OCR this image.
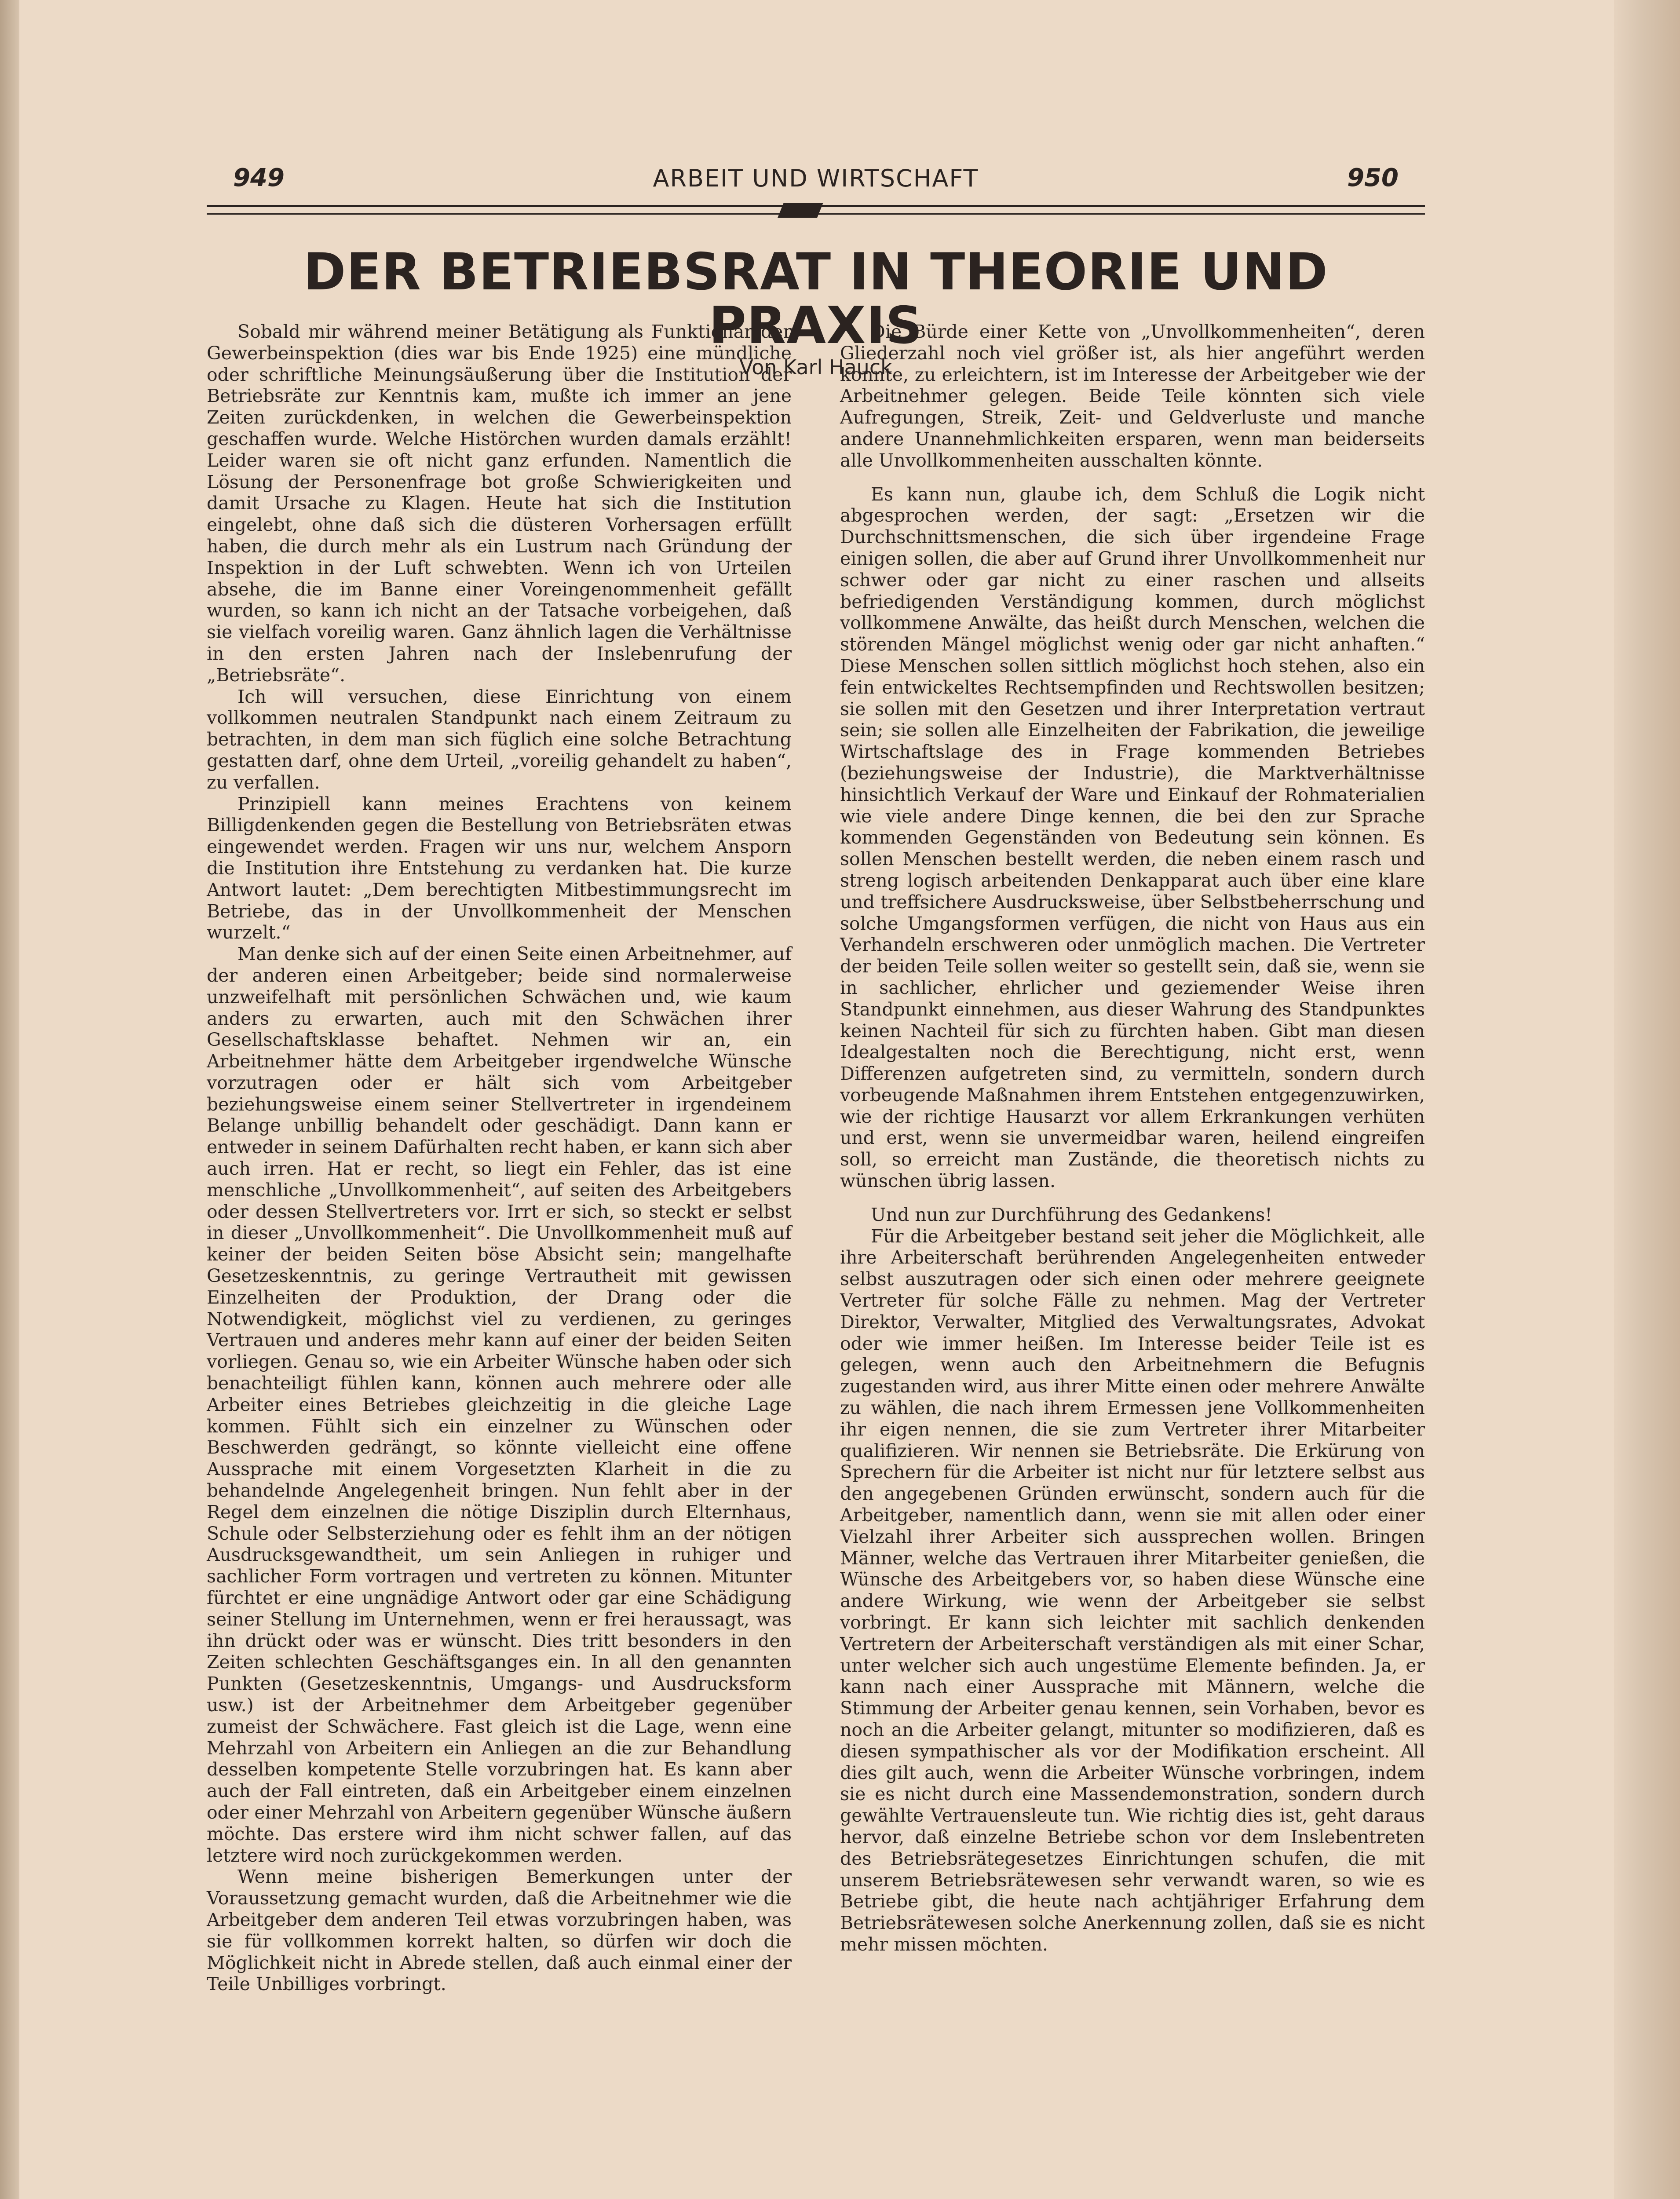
949	ARBEIT UND WIRTSCHAFT	950
DER BETRIEBSRAT IN THEORIE UND PRAXIS
Von Karl Hauck

Sobald mir während meiner Betätigung als Funktionär der Gewerbeinspektion (dies war bis Ende 1925) eine mündliche oder schriftliche Meinungsäußerung über die Institution der Betriebsräte zur Kenntnis kam, mußte ich immer an jene Zeiten zurückdenken, in welchen die Gewerbeinspektion geschaffen wurde. Welche Histörchen wurden damals erzählt! Leider waren sie oft nicht ganz erfunden. Namentlich die Lösung der Personenfrage bot große Schwierigkeiten und damit Ursache zu Klagen. Heute hat sich die Institution eingelebt, ohne daß sich die düsteren Vorhersagen erfüllt haben, die durch mehr als ein Lustrum nach Gründung der Inspektion in der Luft schwebten. Wenn ich von Urteilen absehe, die im Banne einer Voreingenommenheit gefällt wurden, so kann ich nicht an der Tatsache vorbeigehen, daß sie vielfach voreilig waren. Ganz ähnlich lagen die Verhältnisse in den ersten Jahren nach der Inslebenrufung der „Betriebsräte“.

Ich will versuchen, diese Einrichtung von einem vollkommen neutralen Standpunkt nach einem Zeitraum zu betrachten, in dem man sich füglich eine solche Betrachtung gestatten darf, ohne dem Urteil, „voreilig gehandelt zu haben“, zu verfallen.

Prinzipiell kann meines Erachtens von keinem Billigdenkenden gegen die Bestellung von Betriebsräten etwas eingewendet werden. Fragen wir uns nur, welchem Ansporn die Institution ihre Entstehung zu verdanken hat. Die kurze Antwort lautet: „Dem berechtigten Mitbestimmungsrecht im Betriebe, das in der Unvollkommenheit der Menschen wurzelt.“

Man denke sich auf der einen Seite einen Arbeitnehmer, auf der anderen einen Arbeitgeber; beide sind normalerweise unzweifelhaft mit persönlichen Schwächen und, wie kaum anders zu erwarten, auch mit den Schwächen ihrer Gesellschaftsklasse behaftet. Nehmen wir an, ein Arbeitnehmer hätte dem Arbeitgeber irgendwelche Wünsche vorzutragen oder er hält sich vom Arbeitgeber beziehungsweise einem seiner Stellvertreter in irgendeinem Belange unbillig behandelt oder geschädigt. Dann kann er entweder in seinem Dafürhalten recht haben, er kann sich aber auch irren. Hat er recht, so liegt ein Fehler, das ist eine menschliche „Unvollkommenheit“, auf seiten des Arbeitgebers oder dessen Stellvertreters vor. Irrt er sich, so steckt er selbst in dieser „Unvollkommenheit“. Die Unvollkommenheit muß auf keiner der beiden Seiten böse Absicht sein; mangelhafte Gesetzeskenntnis, zu geringe Vertrautheit mit gewissen Einzelheiten der Produktion, der Drang oder die Notwendigkeit, möglichst viel zu verdienen, zu geringes Vertrauen und anderes mehr kann auf einer der beiden Seiten vorliegen. Genau so, wie ein Arbeiter Wünsche haben oder sich benachteiligt fühlen kann, können auch mehrere oder alle Arbeiter eines Betriebes gleichzeitig in die gleiche Lage kommen. Fühlt sich ein einzelner zu Wünschen oder Beschwerden gedrängt, so könnte vielleicht eine offene Aussprache mit einem Vorgesetzten Klarheit in die zu behandelnde Angelegenheit bringen. Nun fehlt aber in der Regel dem einzelnen die nötige Disziplin durch Elternhaus, Schule oder Selbsterziehung oder es fehlt ihm an der nötigen Ausdrucksgewandtheit, um sein Anliegen in ruhiger und sachlicher Form vortragen und vertreten zu können. Mitunter fürchtet er eine ungnädige Antwort oder gar eine Schädigung seiner Stellung im Unternehmen, wenn er frei heraussagt, was ihn drückt oder was er wünscht. Dies tritt besonders in den Zeiten schlechten Geschäftsganges ein. In all den genannten Punkten (Gesetzeskenntnis, Umgangs- und Ausdrucksform usw.) ist der Arbeitnehmer dem Arbeitgeber gegenüber zumeist der Schwächere. Fast gleich ist die Lage, wenn eine Mehrzahl von Arbeitern ein Anliegen an die zur Behandlung desselben kompetente Stelle vorzubringen hat. Es kann aber auch der Fall eintreten, daß ein Arbeitgeber einem einzelnen oder einer Mehrzahl von Arbeitern gegenüber Wünsche äußern möchte. Das erstere wird ihm nicht schwer fallen, auf das letztere wird noch zurückgekommen werden.

Wenn meine bisherigen Bemerkungen unter der Voraussetzung gemacht wurden, daß die Arbeitnehmer wie die Arbeitgeber dem anderen Teil etwas vorzubringen haben, was sie für vollkommen korrekt halten, so dürfen wir doch die Möglichkeit nicht in Abrede stellen, daß auch einmal einer der Teile Unbilliges vorbringt.

Die Bürde einer Kette von „Unvollkommenheiten“, deren Gliederzahl noch viel größer ist, als hier angeführt werden konnte, zu erleichtern, ist im Interesse der Arbeitgeber wie der Arbeitnehmer gelegen. Beide Teile könnten sich viele Aufregungen, Streik, Zeit- und Geldverluste und manche andere Unannehmlichkeiten ersparen, wenn man beiderseits alle Unvollkommenheiten ausschalten könnte.

Es kann nun, glaube ich, dem Schluß die Logik nicht abgesprochen werden, der sagt: „Ersetzen wir die Durchschnittsmenschen, die sich über irgendeine Frage einigen sollen, die aber auf Grund ihrer Unvollkommenheit nur schwer oder gar nicht zu einer raschen und allseits befriedigenden Verständigung kommen, durch möglichst vollkommene Anwälte, das heißt durch Menschen, welchen die störenden Mängel möglichst wenig oder gar nicht anhaften.“ Diese Menschen sollen sittlich möglichst hoch stehen, also ein fein entwickeltes Rechtsempfinden und Rechtswollen besitzen; sie sollen mit den Gesetzen und ihrer Interpretation vertraut sein; sie sollen alle Einzelheiten der Fabrikation, die jeweilige Wirtschaftslage des in Frage kommenden Betriebes (beziehungsweise der Industrie), die Marktverhältnisse hinsichtlich Verkauf der Ware und Einkauf der Rohmaterialien wie viele andere Dinge kennen, die bei den zur Sprache kommenden Gegenständen von Bedeutung sein können. Es sollen Menschen bestellt werden, die neben einem rasch und streng logisch arbeitenden Denkapparat auch über eine klare und treffsichere Ausdrucksweise, über Selbstbeherrschung und solche Umgangsformen verfügen, die nicht von Haus aus ein Verhandeln erschweren oder unmöglich machen. Die Vertreter der beiden Teile sollen weiter so gestellt sein, daß sie, wenn sie in sachlicher, ehrlicher und geziemender Weise ihren Standpunkt einnehmen, aus dieser Wahrung des Standpunktes keinen Nachteil für sich zu fürchten haben. Gibt man diesen Idealgestalten noch die Berechtigung, nicht erst, wenn Differenzen aufgetreten sind, zu vermitteln, sondern durch vorbeugende Maßnahmen ihrem Entstehen entgegenzuwirken, wie der richtige Hausarzt vor allem Erkrankungen verhüten und erst, wenn sie unvermeidbar waren, heilend eingreifen soll, so erreicht man Zustände, die theoretisch nichts zu wünschen übrig lassen.

Und nun zur Durchführung des Gedankens!

Für die Arbeitgeber bestand seit jeher die Möglichkeit, alle ihre Arbeiterschaft berührenden Angelegenheiten entweder selbst auszutragen oder sich einen oder mehrere geeignete Vertreter für solche Fälle zu nehmen. Mag der Vertreter Direktor, Verwalter, Mitglied des Verwaltungsrates, Advokat oder wie immer heißen. Im Interesse beider Teile ist es gelegen, wenn auch den Arbeitnehmern die Befugnis zugestanden wird, aus ihrer Mitte einen oder mehrere Anwälte zu wählen, die nach ihrem Ermessen jene Vollkommenheiten ihr eigen nennen, die sie zum Vertreter ihrer Mitarbeiter qualifizieren. Wir nennen sie Betriebsräte. Die Erkürung von Sprechern für die Arbeiter ist nicht nur für letztere selbst aus den angegebenen Gründen erwünscht, sondern auch für die Arbeitgeber, namentlich dann, wenn sie mit allen oder einer Vielzahl ihrer Arbeiter sich aussprechen wollen. Bringen Männer, welche das Vertrauen ihrer Mitarbeiter genießen, die Wünsche des Arbeitgebers vor, so haben diese Wünsche eine andere Wirkung, wie wenn der Arbeitgeber sie selbst vorbringt. Er kann sich leichter mit sachlich denkenden Vertretern der Arbeiterschaft verständigen als mit einer Schar, unter welcher sich auch ungestüme Elemente befinden. Ja, er kann nach einer Aussprache mit Männern, welche die Stimmung der Arbeiter genau kennen, sein Vorhaben, bevor es noch an die Arbeiter gelangt, mitunter so modifizieren, daß es diesen sympathischer als vor der Modifikation erscheint. All dies gilt auch, wenn die Arbeiter Wünsche vorbringen, indem sie es nicht durch eine Massendemonstration, sondern durch gewählte Vertrauensleute tun. Wie richtig dies ist, geht daraus hervor, daß einzelne Betriebe schon vor dem Inslebentreten des Betriebsrätegesetzes Einrichtungen schufen, die mit unserem Betriebsrätewesen sehr verwandt waren, so wie es Betriebe gibt, die heute nach achtjähriger Erfahrung dem Betriebsrätewesen solche Anerkennung zollen, daß sie es nicht mehr missen möchten.
